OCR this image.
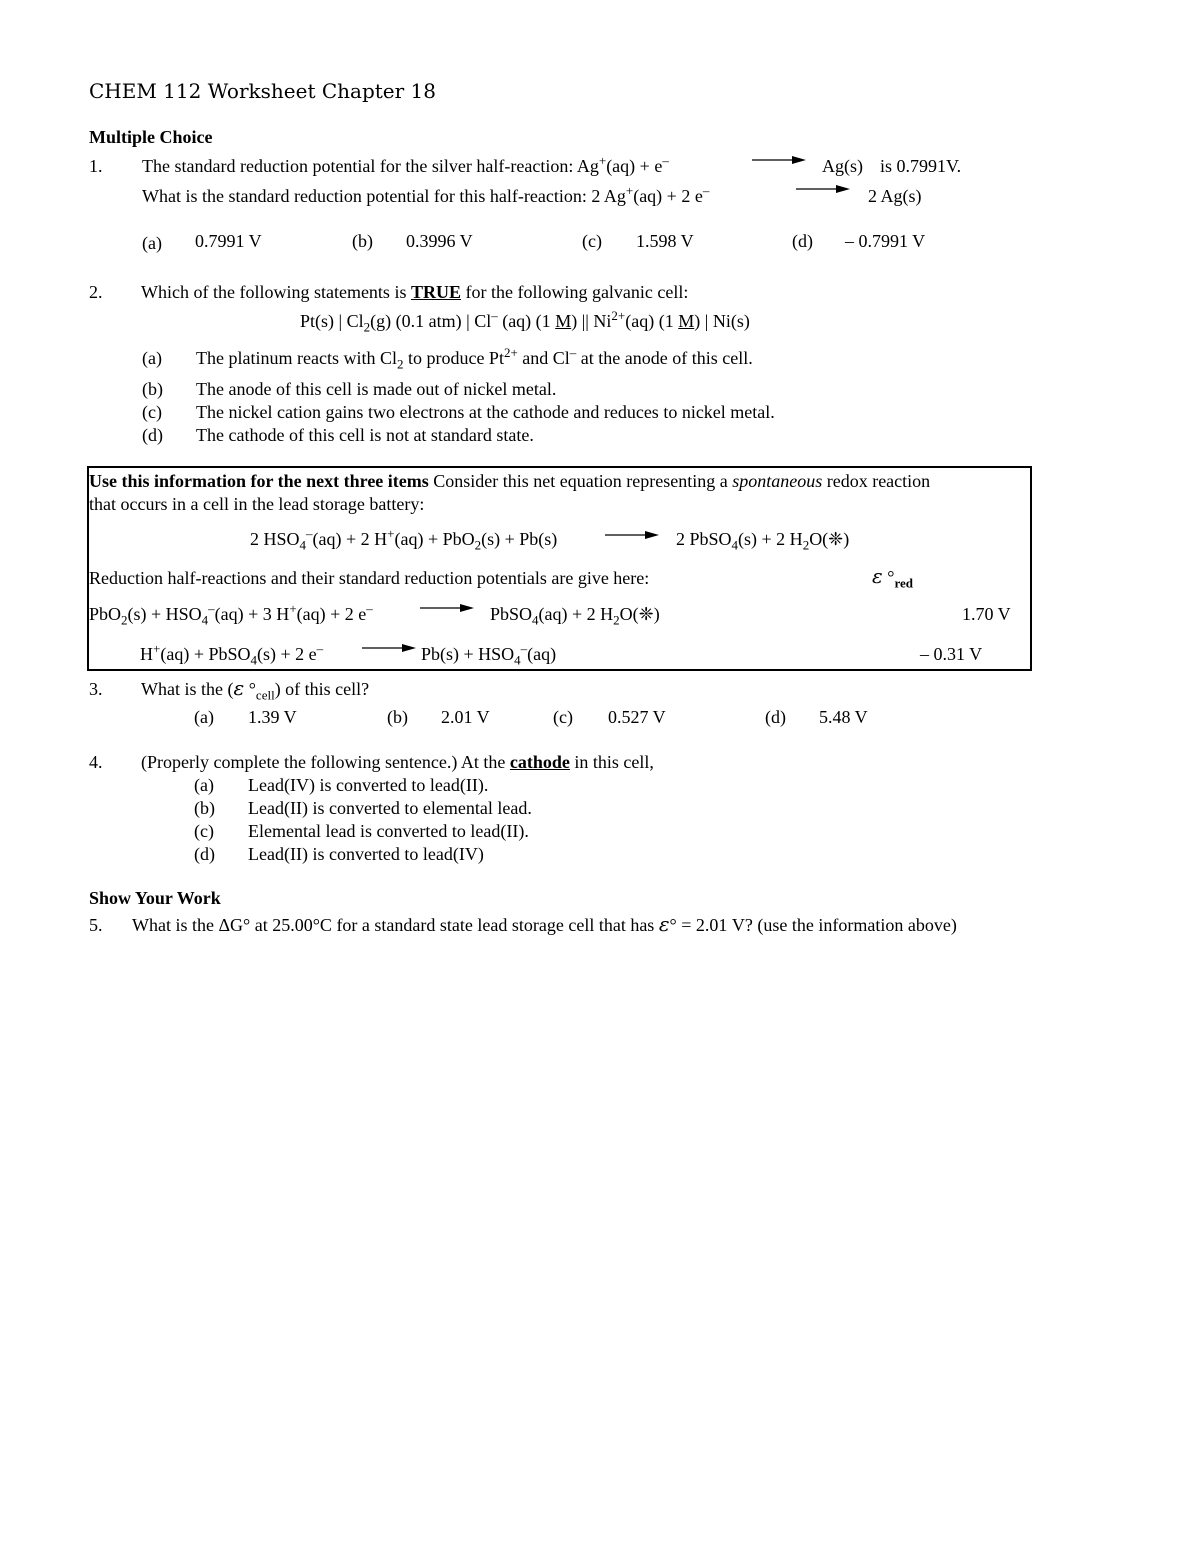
CHEM 112 Worksheet Chapter 18
Multiple Choice
1. The standard reduction potential for the silver half-reaction: Ag+(aq) + e–	Ag(s) is 0.7991V.
What is the standard reduction potential for this half-reaction: 2 Ag+(aq) + 2 e–	2 Ag(s)
(a) 0.7991 V	(b) 0.3996 V	(c) 1.598 V	(d) – 0.7991 V
2. Which of the following statements is TRUE for the following galvanic cell:
Pt(s) | $Cl_2(g)$ (0.1 atm) | Cl– (aq) (1 M) || $Ni^{2+}(aq)$ (1 M) | Ni(s)
(a) The platinum reacts with $Cl_2$ to produce $Pt^{2+}$ and Cl– at the anode of this cell.
(b) The anode of this cell is made out of nickel metal.
(c) The nickel cation gains two electrons at the cathode and reduces to nickel metal.
(d) The cathode of this cell is not at standard state.
Use this information for the next three items Consider this net equation representing a spontaneous redox reaction
that occurs in a cell in the lead storage battery:
2 $HSO_4^-(aq) + 2$ H+(aq) + PbO$_2$(s) + Pb(s)	2 PbSO$_4$(s) + 2 $H_2O(❈)$
Reduction half-reactions and their standard reduction potentials are give here:	ε $^\circ_{red}$
$PbO_2(s) + HSO_4^-(aq) + 3$ H+(aq) + 2 e–	PbSO$_4$(aq) + 2 $H_2O(❈)$	1.70 V
H+(aq) + PbSO$_4$(s) + 2 e–	$Pb(s) + HSO_4^-(aq)$	– 0.31 V
3. What is the (ε $^\circ_{cell}$) of this cell?
(a) 1.39 V	(b) 2.01 V	(c) 0.527 V	(d) 5.48 V
4. (Properly complete the following sentence.) At the cathode in this cell,
(a) Lead(IV) is converted to lead(II).
(b) Lead(II) is converted to elemental lead.
(c) Elemental lead is converted to lead(II).
(d) Lead(II) is converted to lead(IV)
Show Your Work
5. What is the ΔG° at 25.00°C for a standard state lead storage cell that has ε° = 2.01 V? (use the information above)
